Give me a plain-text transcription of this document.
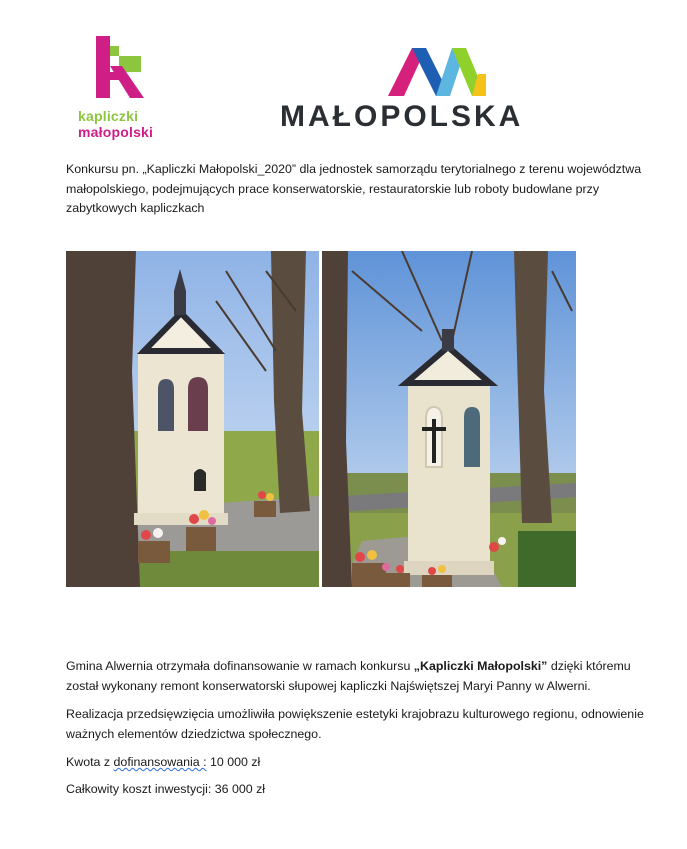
kapliczki
małopolski	MAŁOPOLSKA
Konkursu pn. „Kapliczki Małopolski_2020” dla jednostek samorządu terytorialnego z terenu województwa małopolskiego, podejmujących prace konserwatorskie, restauratorskie lub roboty budowlane przy zabytkowych kapliczkach
Gmina Alwernia otrzymała dofinansowanie w ramach konkursu „Kapliczki Małopolski” dzięki któremu został wykonany remont konserwatorski słupowej kapliczki Najświętszej Maryi Panny w Alwerni.
Realizacja przedsięwzięcia umożliwiła powiększenie estetyki krajobrazu kulturowego regionu, odnowienie ważnych elementów dziedzictwa społecznego.
Kwota z dofinansowania : 10 000 zł
Całkowity koszt inwestycji: 36 000 zł
